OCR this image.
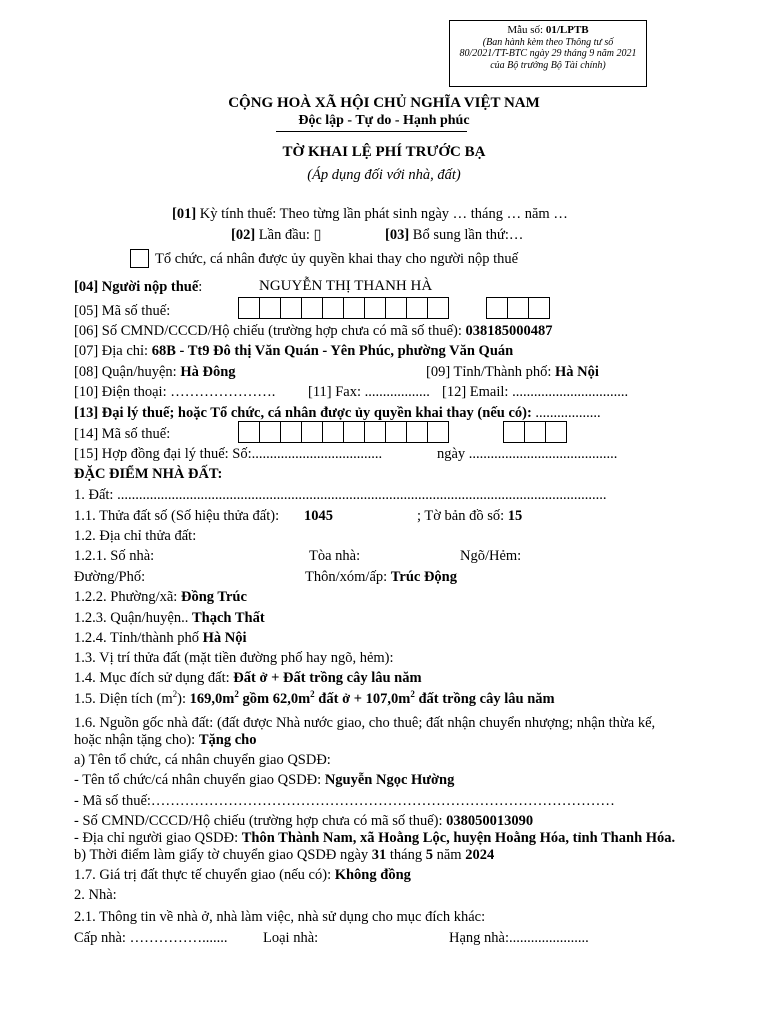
Mẫu số: 01/LPTB
(Ban hành kèm theo Thông tư số
80/2021/TT-BTC ngày 29 tháng 9 năm 2021
của Bộ trưởng Bộ Tài chính)
CỘNG HOÀ XÃ HỘI CHỦ NGHĨA VIỆT NAM
Độc lập - Tự do - Hạnh phúc
TỜ KHAI LỆ PHÍ TRƯỚC BẠ
(Áp dụng đối với nhà, đất)
[01] Kỳ tính thuế: Theo từng lần phát sinh ngày … tháng … năm …
[02] Lần đầu: ▯	[03] Bổ sung lần thứ:…
Tổ chức, cá nhân được ủy quyền khai thay cho người nộp thuế
[04] Người nộp thuế:	NGUYỄN THỊ THANH HÀ
[05] Mã số thuế:
[06] Số CMND/CCCD/Hộ chiếu (trường hợp chưa có mã số thuế): 038185000487
[07] Địa chỉ: 68B - Tt9 Đô thị Văn Quán - Yên Phúc, phường Văn Quán
[08] Quận/huyện: Hà Đông	[09] Tỉnh/Thành phố: Hà Nội
[10] Điện thoại: …………………. [11] Fax: .................. [12] Email: ................................
[13] Đại lý thuế; hoặc Tổ chức, cá nhân được ủy quyền khai thay (nếu có): ..................
[14] Mã số thuế:
[15] Hợp đồng đại lý thuế: Số:....................................	ngày .........................................
ĐẶC ĐIỂM NHÀ ĐẤT:
1. Đất: .......................................................................................................................................
1.1. Thửa đất số (Số hiệu thửa đất): 1045	; Tờ bản đồ số: 15
1.2. Địa chỉ thửa đất:
1.2.1. Số nhà:	Tòa nhà:	Ngõ/Hẻm:
Đường/Phố:	Thôn/xóm/ấp: Trúc Động
1.2.2. Phường/xã: Đồng Trúc
1.2.3. Quận/huyện.. Thạch Thất
1.2.4. Tỉnh/thành phố Hà Nội
1.3. Vị trí thửa đất (mặt tiền đường phố hay ngõ, hẻm):
1.4. Mục đích sử dụng đất: Đất ở + Đất trồng cây lâu năm
1.5. Diện tích $(m^2)$: $169,0m^2$ gồm $62,0m^2$ đất ở + $107,0m^2$ đất trồng cây lâu năm
1.6. Nguồn gốc nhà đất: (đất được Nhà nước giao, cho thuê; đất nhận chuyển nhượng; nhận thừa kế,
hoặc nhận tặng cho): Tặng cho
a) Tên tổ chức, cá nhân chuyển giao QSDĐ:
- Tên tổ chức/cá nhân chuyển giao QSDĐ: Nguyễn Ngọc Hường
- Mã số thuế:……………………………………………………………………………………
- Số CMND/CCCD/Hộ chiếu (trường hợp chưa có mã số thuế): 038050013090
- Địa chỉ người giao QSDĐ: Thôn Thành Nam, xã Hoằng Lộc, huyện Hoằng Hóa, tỉnh Thanh Hóa.
b) Thời điểm làm giấy tờ chuyển giao QSDĐ ngày 31 tháng 5 năm 2024
1.7. Giá trị đất thực tế chuyển giao (nếu có): Không đồng
2. Nhà:
2.1. Thông tin về nhà ở, nhà làm việc, nhà sử dụng cho mục đích khác:
Cấp nhà: ……………....... Loại nhà:	Hạng nhà:......................
